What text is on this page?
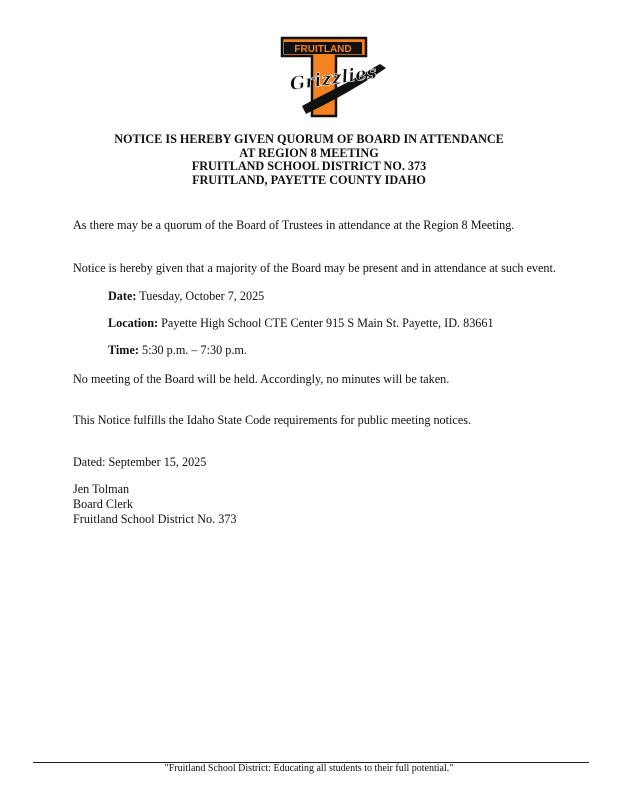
FRUITLAND
Grizzlies
NOTICE IS HEREBY GIVEN QUORUM OF BOARD IN ATTENDANCE
AT REGION 8 MEETING
FRUITLAND SCHOOL DISTRICT NO. 373
FRUITLAND, PAYETTE COUNTY IDAHO
As there may be a quorum of the Board of Trustees in attendance at the Region 8 Meeting.
Notice is hereby given that a majority of the Board may be present and in attendance at such event.
Date: Tuesday, October 7, 2025
Location: Payette High School CTE Center 915 S Main St. Payette, ID. 83661
Time: 5:30 p.m. – 7:30 p.m.
No meeting of the Board will be held. Accordingly, no minutes will be taken.
This Notice fulfills the Idaho State Code requirements for public meeting notices.
Dated: September 15, 2025
Jen Tolman
Board Clerk
Fruitland School District No. 373
"Fruitland School District: Educating all students to their full potential."
